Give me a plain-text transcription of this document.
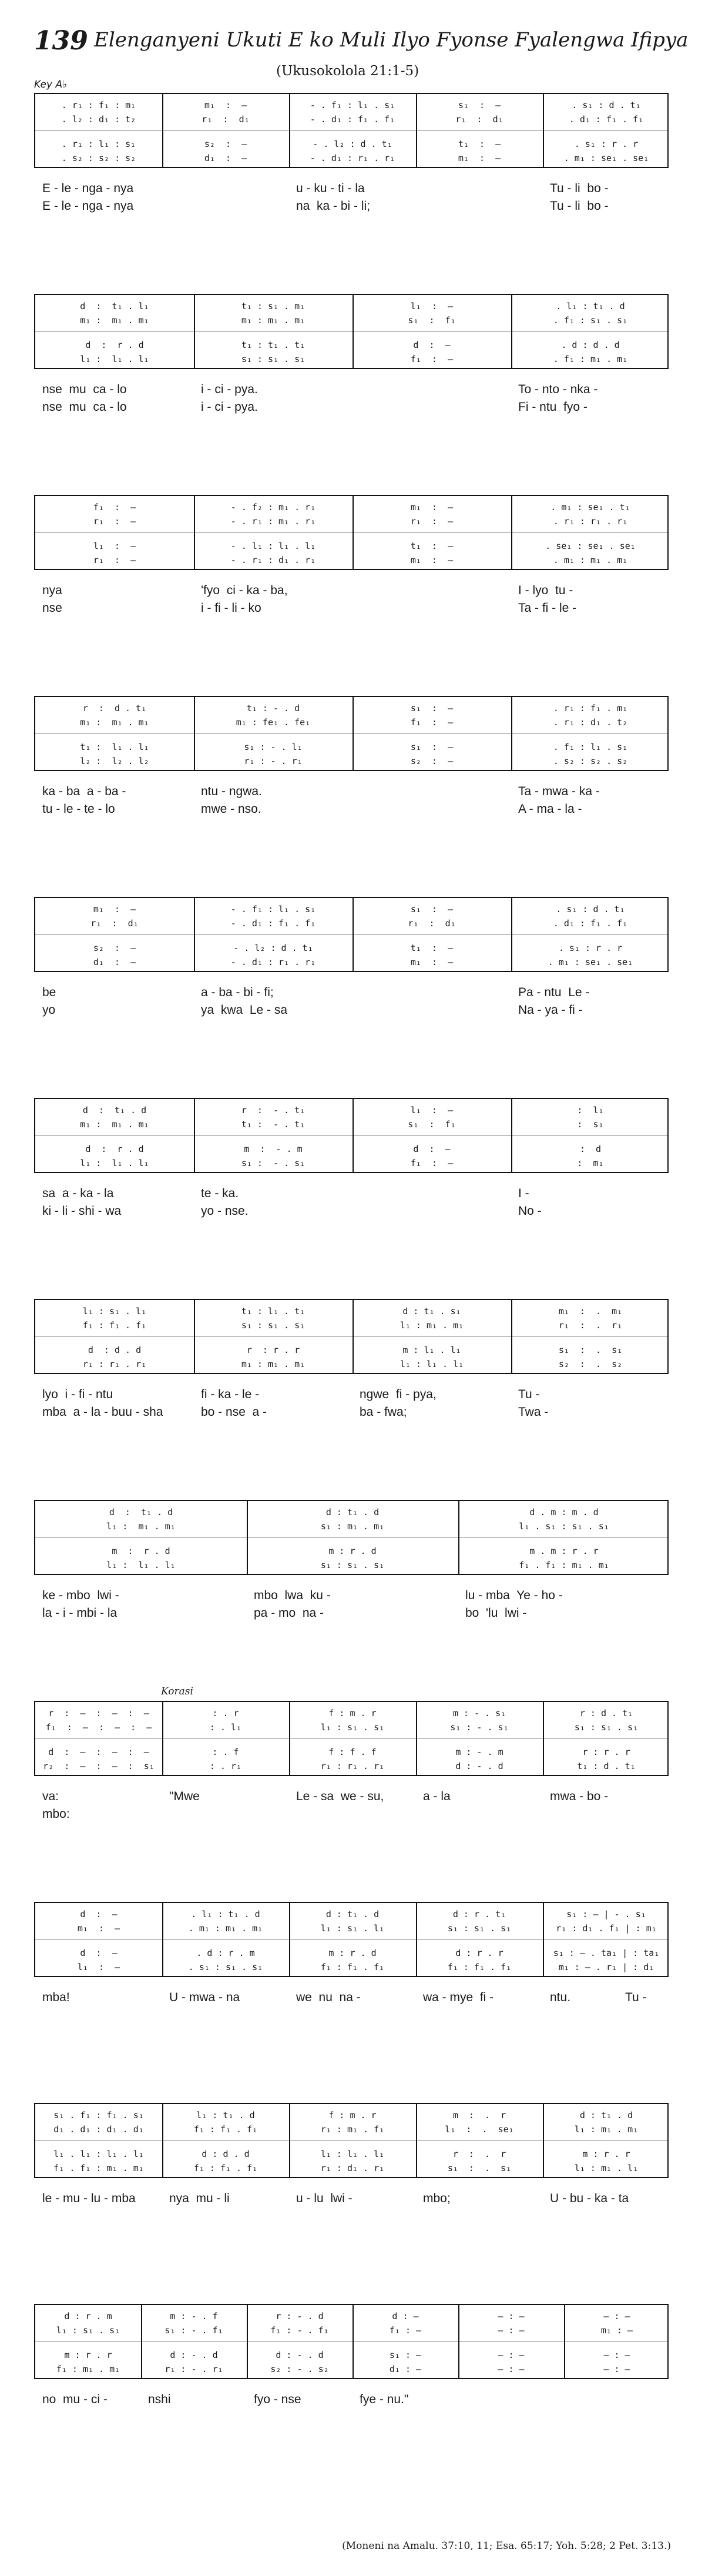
139 Elenganyeni Ukuti E ko Muli Ilyo Fyonse Fyalengwa Ifipya
(Ukusokolola 21:1-5)
Key A♭
. r₁ : f₁ : m₁	m₁  :  —	- . f₁ : l₁ . s₁	s₁  :  —	. s₁ : d . t₁
. l₂ : d₁ : t₂	r₁  :  d₁	- . d₁ : f₁ . f₁	r₁  :  d₁	. d₁ : f₁ . f₁
. r₁ : l₁ : s₁	s₂  :  —	- . l₂ : d . t₁	t₁  :  —	. s₁ : r . r
. s₂ : s₂ : s₂	d₁  :  —	- . d₁ : r₁ . r₁	m₁  :  —	. m₁ : se₁ . se₁
E - le - nga - nya	u - ku - ti - la	Tu - li  bo -
E - le - nga - nya	na  ka - bi - li;	Tu - li  bo -
d  :  t₁ . l₁	t₁ : s₁ . m₁	l₁  :  —	. l₁ : t₁ . d
m₁ :  m₁ . m₁	m₁ : m₁ . m₁	s₁  :  f₁	. f₁ : s₁ . s₁
d  :  r . d	t₁ : t₁ . t₁	d  :  —	. d : d . d
l₁ :  l₁ . l₁	s₁ : s₁ . s₁	f₁  :  —	. f₁ : m₁ . m₁
nse  mu  ca - lo	i - ci - pya.	To - nto - nka -
nse  mu  ca - lo	i - ci - pya.	Fi - ntu  fyo -
f₁  :  —	- . f₂ : m₁ . r₁	m₁  :  —	. m₁ : se₁ . t₁
r₁  :  —	- . r₁ : m₁ . r₁	r₁  :  —	. r₁ : r₁ . r₁
l₁  :  —	- . l₁ : l₁ . l₁	t₁  :  —	. se₁ : se₁ . se₁
r₁  :  —	- . r₁ : d₁ . r₁	m₁  :  —	. m₁ : m₁ . m₁
nya	'fyo  ci - ka - ba,	I - lyo  tu -
nse	i - fi - li - ko	Ta - fi - le -
r  :  d . t₁	t₁ : - . d	s₁  :  —	. r₁ : f₁ . m₁
m₁ :  m₁ . m₁	m₁ : fe₁ . fe₁	f₁  :  —	. r₁ : d₁ . t₂
t₁ :  l₁ . l₁	s₁ : - . l₁	s₁  :  —	. f₁ : l₁ . s₁
l₂ :  l₂ . l₂	r₁ : - . r₁	s₂  :  —	. s₂ : s₂ . s₂
ka - ba  a - ba -	ntu - ngwa.	Ta - mwa - ka -
tu - le - te - lo	mwe - nso.	A - ma - la -
m₁  :  —	- . f₁ : l₁ . s₁	s₁  :  —	. s₁ : d . t₁
r₁  :  d₁	- . d₁ : f₁ . f₁	r₁  :  d₁	. d₁ : f₁ . f₁
s₂  :  —	- . l₂ : d . t₁	t₁  :  —	. s₁ : r . r
d₁  :  —	- . d₁ : r₁ . r₁	m₁  :  —	. m₁ : se₁ . se₁
be	a - ba - bi - fi;	Pa - ntu  Le -
yo	ya  kwa  Le - sa	Na - ya - fi -
d  :  t₁ . d	r  :  - . t₁	l₁  :  —	:  l₁
m₁ :  m₁ . m₁	t₁ :  - . t₁	s₁  :  f₁	:  s₁
d  :  r . d	m  :  - . m	d  :  —	:  d
l₁ :  l₁ . l₁	s₁ :  - . s₁	f₁  :  —	:  m₁
sa  a - ka - la	te - ka.	I -
ki - li - shi - wa	yo - nse.	No -
l₁ : s₁ . l₁	t₁ : l₁ . t₁	d : t₁ . s₁	m₁  :  .  m₁
f₁ : f₁ . f₁	s₁ : s₁ . s₁	l₁ : m₁ . m₁	r₁  :  .  r₁
d  : d . d	r  : r . r	m : l₁ . l₁	s₁  :  .  s₁
r₁ : r₁ . r₁	m₁ : m₁ . m₁	l₁ : l₁ . l₁	s₂  :  .  s₂
lyo  i - fi - ntu	fi - ka - le -	ngwe  fi - pya,	Tu -
mba  a - la - buu - sha	bo - nse  a -	ba - fwa;	Twa -
d  :  t₁ . d	d : t₁ . d	d . m : m . d
l₁ :  m₁ . m₁	s₁ : m₁ . m₁	l₁ . s₁ : s₁ . s₁
m  :  r . d	m : r . d	m . m : r . r
l₁ :  l₁ . l₁	s₁ : s₁ . s₁	f₁ . f₁ : m₁ . m₁
ke - mbo  lwi -	mbo  lwa  ku -	lu - mba  Ye - ho -
la - i - mbi - la	pa - mo  na -	bo  'lu  lwi -
Korasi
r  :  —  :  —  :  —	: . r	f : m . r	m : - . s₁	r : d . t₁
f₁  :  —  :  —  :  —	: . l₁	l₁ : s₁ . s₁	s₁ : - . s₁	s₁ : s₁ . s₁
d  :  —  :  —  :  —	: . f	f : f . f	m : - . m	r : r . r
r₂  :  —  :  —  :  s₁	: . r₁	r₁ : r₁ . r₁	d : - . d	t₁ : d . t₁
va:	"Mwe	Le - sa  we - su,	a - la	mwa - bo -
mbo:
d  :  —	. l₁ : t₁ . d	d : t₁ . d	d : r . t₁	s₁ : — | - . s₁
m₁  :  —	. m₁ : m₁ . m₁	l₁ : s₁ . l₁	s₁ : s₁ . s₁	r₁ : d₁ . f₁ | : m₁
d  :  —	. d : r . m	m : r . d	d : r . r	s₁ : — . ta₁ | : ta₁
l₁  :  —	. s₁ : s₁ . s₁	f₁ : f₁ . f₁	f₁ : f₁ . f₁	m₁ : — . r₁ | : d₁
mba!	U - mwa - na	we  nu  na -	wa - mye  fi -	ntu.                Tu -
s₁ . f₁ : f₁ . s₁	l₁ : t₁ . d	f : m . r	m  :  .  r	d : t₁ . d
d₁ . d₁ : d₁ . d₁	f₁ : f₁ . f₁	r₁ : m₁ . f₁	l₁  :  .  se₁	l₁ : m₁ . m₁
l₁ . l₁ : l₁ . l₁	d : d . d	l₁ : l₁ . l₁	r  :  .  r	m : r . r
f₁ . f₁ : m₁ . m₁	f₁ : f₁ . f₁	r₁ : d₁ . r₁	s₁  :  .  s₁	l₁ : m₁ . l₁
le - mu - lu - mba	nya  mu - li	u - lu  lwi -	mbo;	U - bu - ka - ta
d : r . m	m : - . f	r : - . d	d : —	— : —	— : —
l₁ : s₁ . s₁	s₁ : - . f₁	f₁ : - . f₁	f₁ : —	— : —	m₁ : —
m : r . r	d : - . d	d : - . d	s₁ : —	— : —	— : —
f₁ : m₁ . m₁	r₁ : - . r₁	s₂ : - . s₂	d₁ : —	— : —	— : —
no  mu - ci -	nshi	fyo - nse	fye - nu."
(Moneni na Amalu. 37:10, 11; Esa. 65:17; Yoh. 5:28; 2 Pet. 3:13.)
